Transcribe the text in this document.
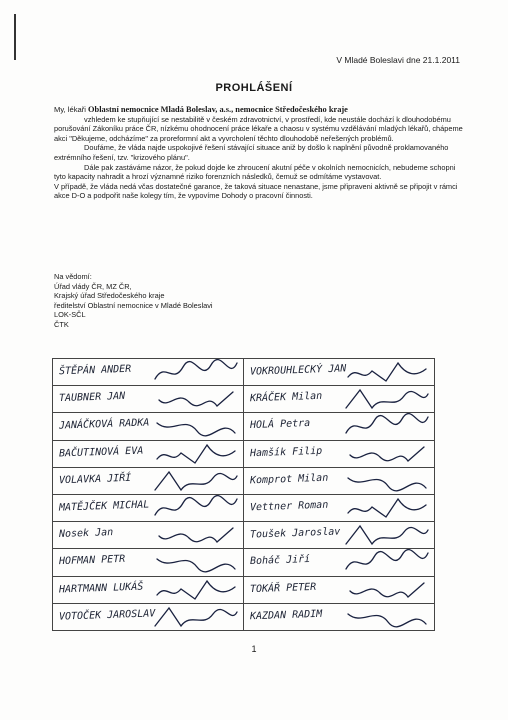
V Mladé Boleslavi dne 21.1.2011
PROHLÁŠENÍ

My, lékaři Oblastní nemocnice Mladá Boleslav, a.s., nemocnice Středočeského kraje

vzhledem ke stupňující se nestabilitě v českém zdravotnictví, v prostředí, kde neustále dochází k dlouhodobému porušování Zákoníku práce ČR, nízkému ohodnocení práce lékaře a chaosu v systému vzdělávání mladých lékařů, chápeme akci "Děkujeme, odcházíme" za proreformní akt a vyvrcholení těchto dlouhodobě neřešených problémů.

Doufáme, že vláda najde uspokojivé řešení stávající situace aniž by došlo k naplnění původně proklamovaného extrémního řešení, tzv. "krizového plánu".

Dále pak zastáváme názor, že pokud dojde ke zhroucení akutní péče v okolních nemocnicích, nebudeme schopni tyto kapacity nahradit a hrozí významné riziko forenzních následků, čemuž se odmítáme vystavovat.

V případě, že vláda nedá včas dostatečné garance, že taková situace nenastane, jsme připraveni aktivně se připojit v rámci akce D-O a podpořit naše kolegy tím, že vypovíme Dohody o pracovní činnosti.

Na vědomí:
Úřad vlády ČR, MZ ČR,
Krajský úřad Středočeského kraje
ředitelství Oblastní nemocnice v Mladé Boleslavi
LOK-SČL
ČTK
ŠTĚPÁN ANDER	VOKROUHLECKÝ JAN
TAUBNER JAN	KRÁČEK Milan
JANÁČKOVÁ RADKA	HOLÁ Petra
BAČUTINOVÁ EVA	Hamšík Filip
VOLAVKA JIŘÍ	Komprot Milan
MATĚJČEK MICHAL	Vettner Roman
Nosek Jan	Toušek Jaroslav
HOFMAN PETR	Boháč Jiří
HARTMANN LUKÁŠ	TOKÁŘ PETER
VOTOČEK JAROSLAV	KAZDAN RADIM
1
